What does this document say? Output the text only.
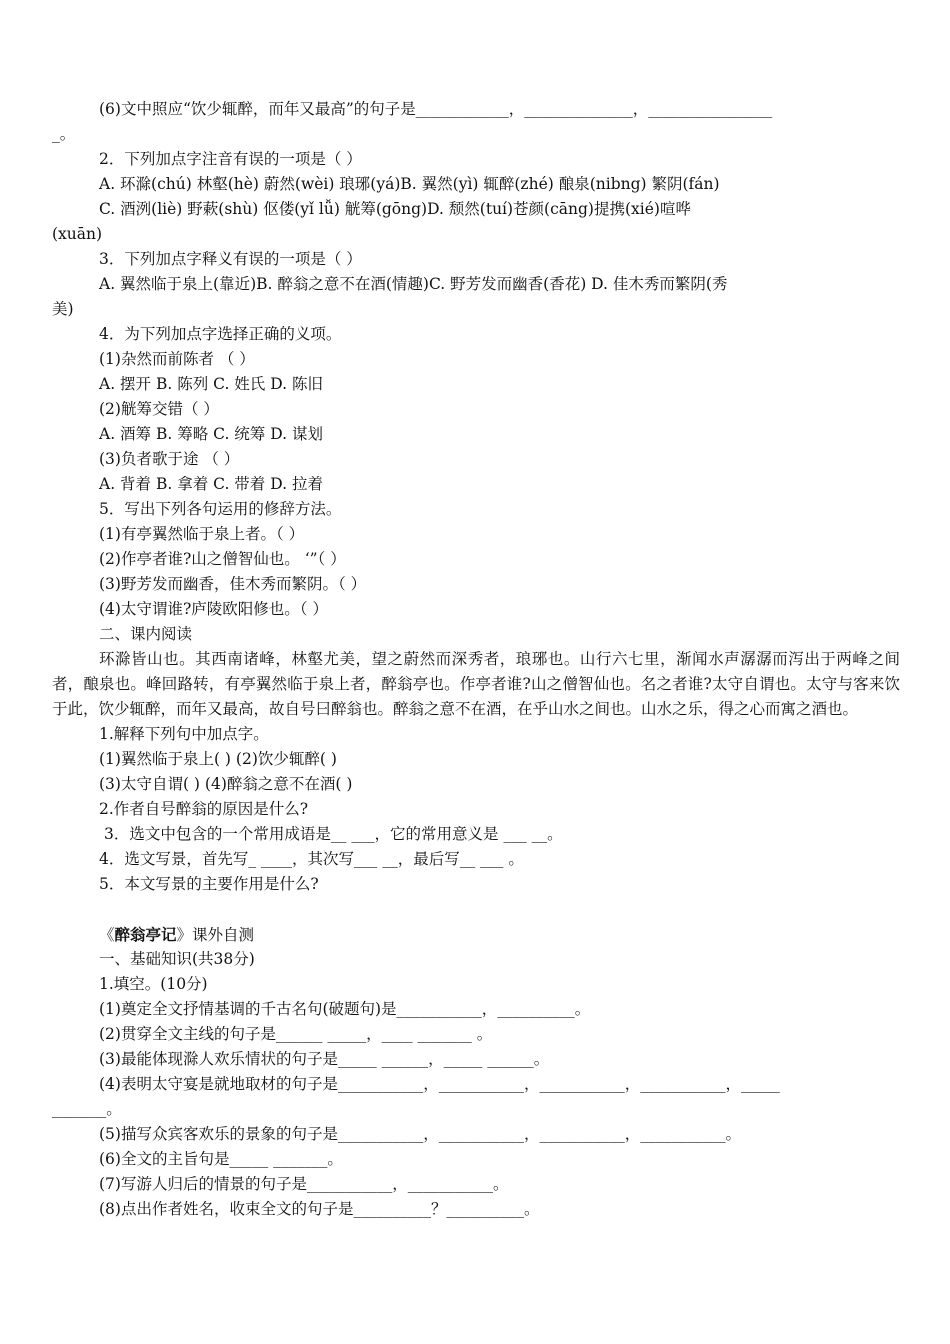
(6)文中照应“饮少辄醉，而年又最高”的句子是____________，______________，________________
_。
2．下列加点字注音有误的一项是（ ）
A. 环滁(chú) 林壑(hè) 蔚然(wèi) 琅琊(yá)B. 翼然(yì) 辄醉(zhé) 酿泉(nibng) 繁阴(fán)
C. 酒洌(liè) 野蔌(shù) 伛偻(yǐ lǚ) 觥筹(gōng)D. 颓然(tuí)苍颜(cāng)提携(xié)喧哗
(xuān)
3．下列加点字释义有误的一项是（ ）
A. 翼然临于泉上(靠近)B. 醉翁之意不在酒(情趣)C. 野芳发而幽香(香花) D. 佳木秀而繁阴(秀
美)
4．为下列加点字选择正确的义项。
(1)杂然而前陈者 （ ）
A. 摆开 B. 陈列 C. 姓氏 D. 陈旧
(2)觥筹交错（ ）
A. 酒筹 B. 筹略 C. 统筹 D. 谋划
(3)负者歌于途 （ ）
A. 背着 B. 拿着 C. 带着 D. 拉着
5．写出下列各句运用的修辞方法。
(1)有亭翼然临于泉上者。（ ）
(2)作亭者谁?山之僧智仙也。 ‘”（ ）
(3)野芳发而幽香，佳木秀而繁阴。（ ）
(4)太守谓谁?庐陵欧阳修也。（ ）
二、课内阅读
环滁皆山也。其西南诸峰，林壑尤美，望之蔚然而深秀者，琅琊也。山行六七里，渐闻水声潺潺而泻出于两峰之间者，酿泉也。峰回路转，有亭翼然临于泉上者，醉翁亭也。作亭者谁?山之僧智仙也。名之者谁?太守自谓也。太守与客来饮于此，饮少辄醉，而年又最高，故自号曰醉翁也。醉翁之意不在酒，在乎山水之间也。山水之乐，得之心而寓之酒也。
1.解释下列句中加点字。
(1)翼然临于泉上( ) (2)饮少辄醉( )
(3)太守自谓( ) (4)醉翁之意不在酒( )
2.作者自号醉翁的原因是什么?
3．选文中包含的一个常用成语是__ ___，它的常用意义是 ___ __。
4．选文写景，首先写_ ____，其次写___ __，最后写__ ___ 。
5．本文写景的主要作用是什么?
《醉翁亭记》课外自测
一、基础知识(共38分)
1.填空。(10分)
(1)奠定全文抒情基调的千古名句(破题句)是___________，__________。
(2)贯穿全文主线的句子是______ _____，____ _______ 。
(3)最能体现滁人欢乐情状的句子是_____ ______，_____ ______。
(4)表明太守宴是就地取材的句子是___________，___________，___________，___________，_____
_______。
(5)描写众宾客欢乐的景象的句子是___________，___________，___________，___________。
(6)全文的主旨句是_____ _______。
(7)写游人归后的情景的句子是___________，___________。
(8)点出作者姓名，收束全文的句子是__________？__________。
